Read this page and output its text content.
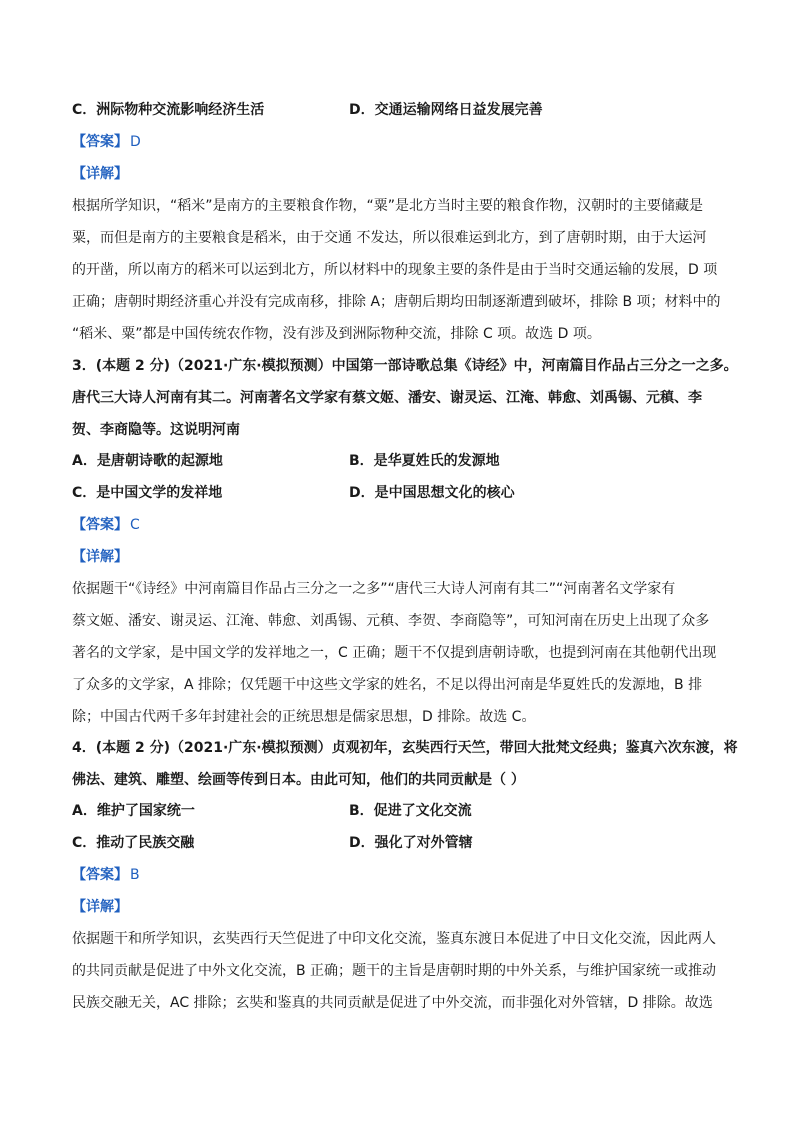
C．洲际物种交流影响经济生活	D．交通运输网络日益发展完善
【答案】 D
【详解】
根据所学知识，“稻米”是南方的主要粮食作物，“粟”是北方当时主要的粮食作物，汉朝时的主要储藏是
粟，而但是南方的主要粮食是稻米，由于交通 不发达，所以很难运到北方，到了唐朝时期，由于大运河
的开凿，所以南方的稻米可以运到北方，所以材料中的现象主要的条件是由于当时交通运输的发展，D 项
正确；唐朝时期经济重心并没有完成南移，排除 A；唐朝后期均田制逐渐遭到破坏，排除 B 项；材料中的
“稻米、粟”都是中国传统农作物，没有涉及到洲际物种交流，排除 C 项。故选 D 项。
3．(本题 2 分)（2021·广东·模拟预测）中国第一部诗歌总集《诗经》中，河南篇目作品占三分之一之多。
唐代三大诗人河南有其二。河南著名文学家有蔡文姬、潘安、谢灵运、江淹、韩愈、刘禹锡、元稹、李
贺、李商隐等。这说明河南
A．是唐朝诗歌的起源地	B．是华夏姓氏的发源地
C．是中国文学的发祥地	D．是中国思想文化的核心
【答案】 C
【详解】
依据题干“《诗经》中河南篇目作品占三分之一之多”“唐代三大诗人河南有其二”“河南著名文学家有
蔡文姬、潘安、谢灵运、江淹、韩愈、刘禹锡、元稹、李贺、李商隐等”，可知河南在历史上出现了众多
著名的文学家，是中国文学的发祥地之一，C 正确；题干不仅提到唐朝诗歌，也提到河南在其他朝代出现
了众多的文学家，A 排除；仅凭题干中这些文学家的姓名，不足以得出河南是华夏姓氏的发源地，B 排
除；中国古代两千多年封建社会的正统思想是儒家思想，D 排除。故选 C。
4．(本题 2 分)（2021·广东·模拟预测）贞观初年，玄奘西行天竺，带回大批梵文经典；鉴真六次东渡，将
佛法、建筑、雕塑、绘画等传到日本。由此可知，他们的共同贡献是（ ）
A．维护了国家统一	B．促进了文化交流
C．推动了民族交融	D．强化了对外管辖
【答案】 B
【详解】
依据题干和所学知识，玄奘西行天竺促进了中印文化交流，鉴真东渡日本促进了中日文化交流，因此两人
的共同贡献是促进了中外文化交流，B 正确；题干的主旨是唐朝时期的中外关系，与维护国家统一或推动
民族交融无关，AC 排除；玄奘和鉴真的共同贡献是促进了中外交流，而非强化对外管辖，D 排除。故选
